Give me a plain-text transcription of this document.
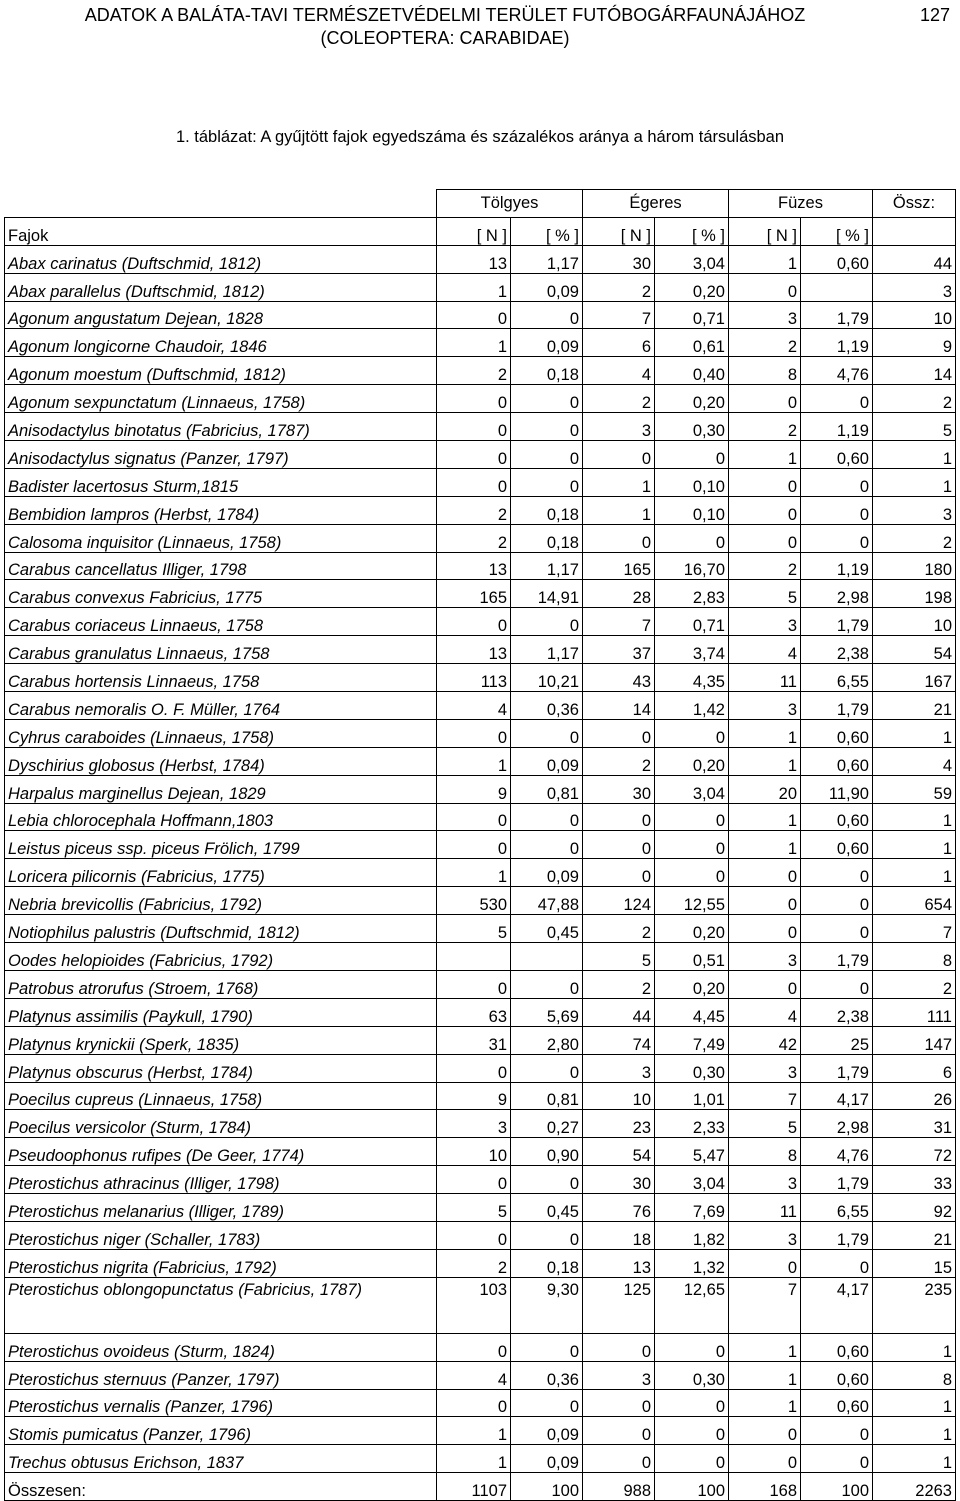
ADATOK A BALÁTA-TAVI TERMÉSZETVÉDELMI TERÜLET FUTÓBOGÁRFAUNÁJÁHOZ
(COLEOPTERA: CARABIDAE)
127
1. táblázat: A gyűjtött fajok egyedszáma és százalékos aránya a három társulásban
	Tölgyes		Égeres		Füzes		Össz:
Fajok	[ N ]	[ % ]	[ N ]	[ % ]	[ N ]	[ % ]	
Abax carinatus (Duftschmid, 1812)	13	1,17	30	3,04	1	0,60	44
Abax parallelus (Duftschmid, 1812)	1	0,09	2	0,20	0		3
Agonum angustatum Dejean, 1828	0	0	7	0,71	3	1,79	10
Agonum longicorne Chaudoir, 1846	1	0,09	6	0,61	2	1,19	9
Agonum moestum (Duftschmid, 1812)	2	0,18	4	0,40	8	4,76	14
Agonum sexpunctatum (Linnaeus, 1758)	0	0	2	0,20	0	0	2
Anisodactylus binotatus (Fabricius, 1787)	0	0	3	0,30	2	1,19	5
Anisodactylus signatus (Panzer, 1797)	0	0	0	0	1	0,60	1
Badister lacertosus Sturm,1815	0	0	1	0,10	0	0	1
Bembidion lampros (Herbst, 1784)	2	0,18	1	0,10	0	0	3
Calosoma inquisitor (Linnaeus, 1758)	2	0,18	0	0	0	0	2
Carabus cancellatus Illiger, 1798	13	1,17	165	16,70	2	1,19	180
Carabus convexus Fabricius, 1775	165	14,91	28	2,83	5	2,98	198
Carabus coriaceus Linnaeus, 1758	0	0	7	0,71	3	1,79	10
Carabus granulatus Linnaeus, 1758	13	1,17	37	3,74	4	2,38	54
Carabus hortensis Linnaeus, 1758	113	10,21	43	4,35	11	6,55	167
Carabus nemoralis O. F. Müller, 1764	4	0,36	14	1,42	3	1,79	21
Cyhrus caraboides (Linnaeus, 1758)	0	0	0	0	1	0,60	1
Dyschirius globosus (Herbst, 1784)	1	0,09	2	0,20	1	0,60	4
Harpalus marginellus Dejean, 1829	9	0,81	30	3,04	20	11,90	59
Lebia chlorocephala Hoffmann,1803	0	0	0	0	1	0,60	1
Leistus piceus ssp. piceus Frölich, 1799	0	0	0	0	1	0,60	1
Loricera pilicornis (Fabricius, 1775)	1	0,09	0	0	0	0	1
Nebria brevicollis (Fabricius, 1792)	530	47,88	124	12,55	0	0	654
Notiophilus palustris (Duftschmid, 1812)	5	0,45	2	0,20	0	0	7
Oodes helopioides (Fabricius, 1792)			5	0,51	3	1,79	8
Patrobus atrorufus (Stroem, 1768)	0	0	2	0,20	0	0	2
Platynus assimilis (Paykull, 1790)	63	5,69	44	4,45	4	2,38	111
Platynus krynickii (Sperk, 1835)	31	2,80	74	7,49	42	25	147
Platynus obscurus (Herbst, 1784)	0	0	3	0,30	3	1,79	6
Poecilus cupreus (Linnaeus, 1758)	9	0,81	10	1,01	7	4,17	26
Poecilus versicolor (Sturm, 1784)	3	0,27	23	2,33	5	2,98	31
Pseudoophonus rufipes (De Geer, 1774)	10	0,90	54	5,47	8	4,76	72
Pterostichus athracinus (Illiger, 1798)	0	0	30	3,04	3	1,79	33
Pterostichus melanarius (Illiger, 1789)	5	0,45	76	7,69	11	6,55	92
Pterostichus niger (Schaller, 1783)	0	0	18	1,82	3	1,79	21
Pterostichus nigrita (Fabricius, 1792)	2	0,18	13	1,32	0	0	15
Pterostichus oblongopunctatus (Fabricius, 1787)	103	9,30	125	12,65	7	4,17	235
Pterostichus ovoideus (Sturm, 1824)	0	0	0	0	1	0,60	1
Pterostichus sternuus (Panzer, 1797)	4	0,36	3	0,30	1	0,60	8
Pterostichus vernalis (Panzer, 1796)	0	0	0	0	1	0,60	1
Stomis pumicatus (Panzer, 1796)	1	0,09	0	0	0	0	1
Trechus obtusus Erichson, 1837	1	0,09	0	0	0	0	1
Összesen:	1107	100	988	100	168	100	2263
